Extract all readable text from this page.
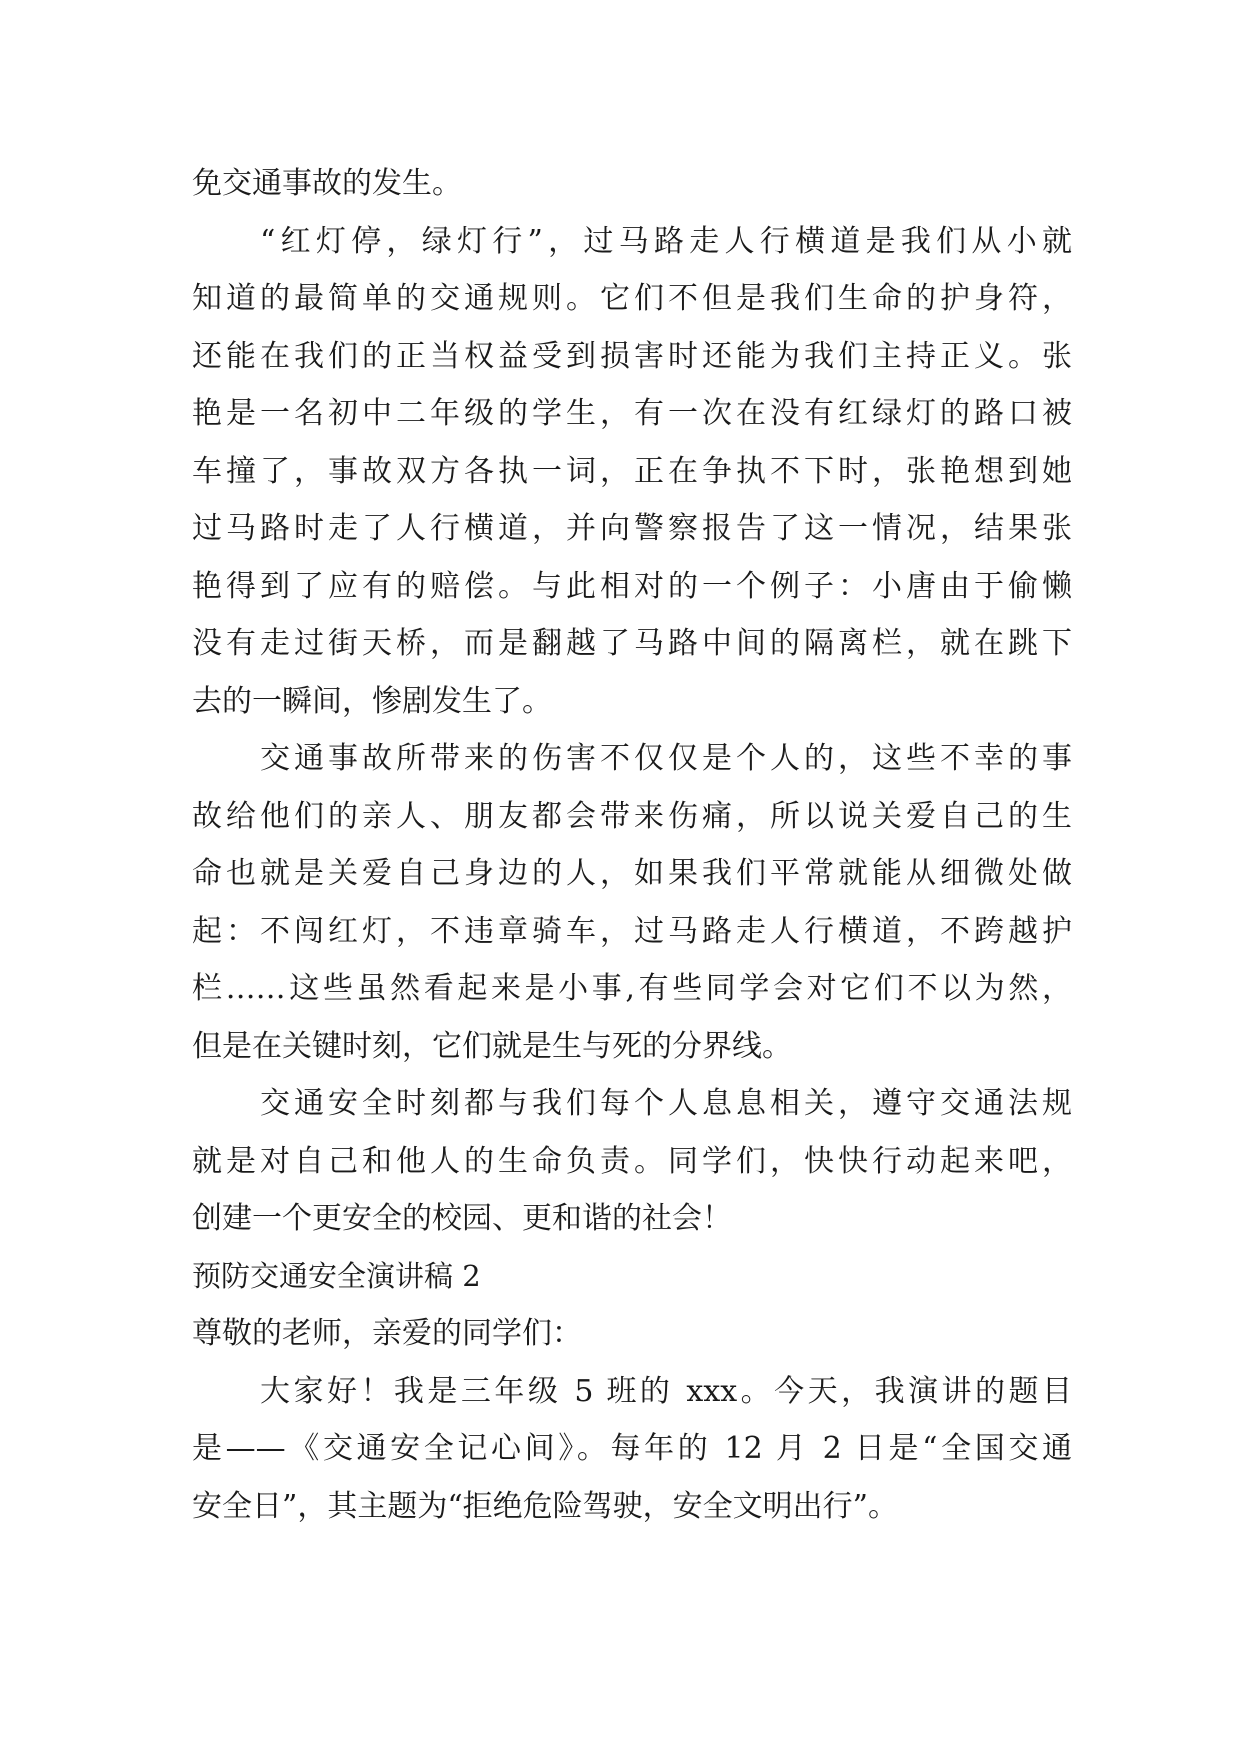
免交通事故的发生。
“红灯停，绿灯行”，过马路走人行横道是我们从小就
知道的最简单的交通规则。它们不但是我们生命的护身符，
还能在我们的正当权益受到损害时还能为我们主持正义。张
艳是一名初中二年级的学生，有一次在没有红绿灯的路口被
车撞了，事故双方各执一词，正在争执不下时，张艳想到她
过马路时走了人行横道，并向警察报告了这一情况，结果张
艳得到了应有的赔偿。与此相对的一个例子：小唐由于偷懒
没有走过街天桥，而是翻越了马路中间的隔离栏，就在跳下
去的一瞬间，惨剧发生了。
交通事故所带来的伤害不仅仅是个人的，这些不幸的事
故给他们的亲人、朋友都会带来伤痛，所以说关爱自己的生
命也就是关爱自己身边的人，如果我们平常就能从细微处做
起：不闯红灯，不违章骑车，过马路走人行横道，不跨越护
栏……这些虽然看起来是小事,有些同学会对它们不以为然，
但是在关键时刻，它们就是生与死的分界线。
交通安全时刻都与我们每个人息息相关，遵守交通法规
就是对自己和他人的生命负责。同学们，快快行动起来吧，
创建一个更安全的校园、更和谐的社会！
预防交通安全演讲稿 2
尊敬的老师，亲爱的同学们：
大家好！我是三年级 5 班的 xxx。今天，我演讲的题目
是——《交通安全记心间》。每年的 12 月 2 日是“全国交通
安全日”，其主题为“拒绝危险驾驶，安全文明出行”。
